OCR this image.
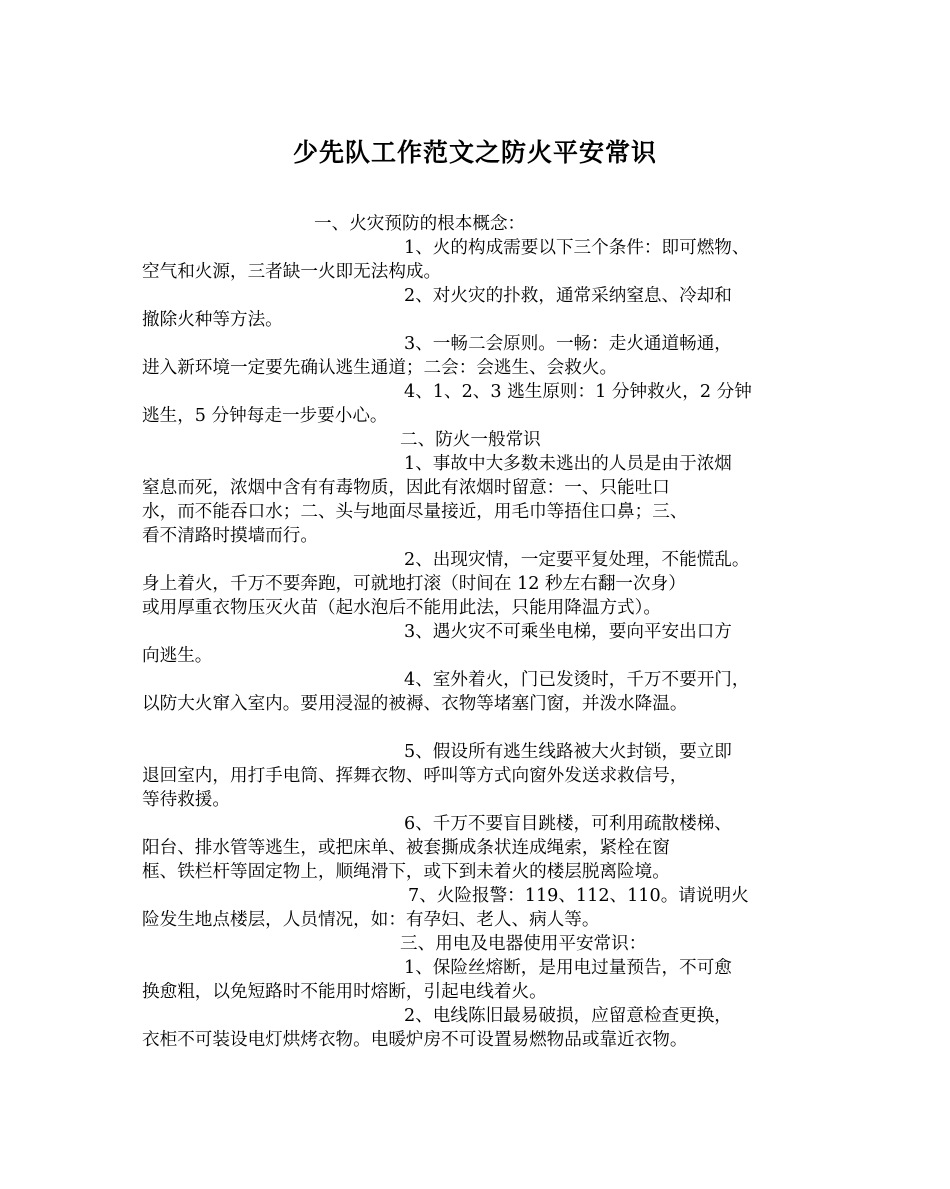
少先队工作范文之防火平安常识
一、火灾预防的根本概念：
1、火的构成需要以下三个条件：即可燃物、
空气和火源，三者缺一火即无法构成。
2、对火灾的扑救，通常采纳窒息、冷却和
撤除火种等方法。
3、一畅二会原则。一畅：走火通道畅通，
进入新环境一定要先确认逃生通道；二会：会逃生、会救火。
4、1、2、3 逃生原则：1 分钟救火，2 分钟
逃生，5 分钟每走一步要小心。
二、防火一般常识
1、事故中大多数未逃出的人员是由于浓烟
窒息而死，浓烟中含有有毒物质，因此有浓烟时留意：一、只能吐口
水，而不能吞口水；二、头与地面尽量接近，用毛巾等捂住口鼻；三、
看不清路时摸墙而行。
2、出现灾情，一定要平复处理，不能慌乱。
身上着火，千万不要奔跑，可就地打滚（时间在 12 秒左右翻一次身）
或用厚重衣物压灭火苗（起水泡后不能用此法，只能用降温方式）。
3、遇火灾不可乘坐电梯，要向平安出口方
向逃生。
4、室外着火，门已发烫时，千万不要开门，
以防大火窜入室内。要用浸湿的被褥、衣物等堵塞门窗，并泼水降温。
5、假设所有逃生线路被大火封锁，要立即
退回室内，用打手电筒、挥舞衣物、呼叫等方式向窗外发送求救信号，
等待救援。
6、千万不要盲目跳楼，可利用疏散楼梯、
阳台、排水管等逃生，或把床单、被套撕成条状连成绳索，紧栓在窗
框、铁栏杆等固定物上，顺绳滑下，或下到未着火的楼层脱离险境。
7、火险报警：119、112、110。请说明火
险发生地点楼层，人员情况，如：有孕妇、老人、病人等。
三、用电及电器使用平安常识：
1、保险丝熔断，是用电过量预告，不可愈
换愈粗，以免短路时不能用时熔断，引起电线着火。
2、电线陈旧最易破损，应留意检查更换，
衣柜不可装设电灯烘烤衣物。电暖炉房不可设置易燃物品或靠近衣物。
